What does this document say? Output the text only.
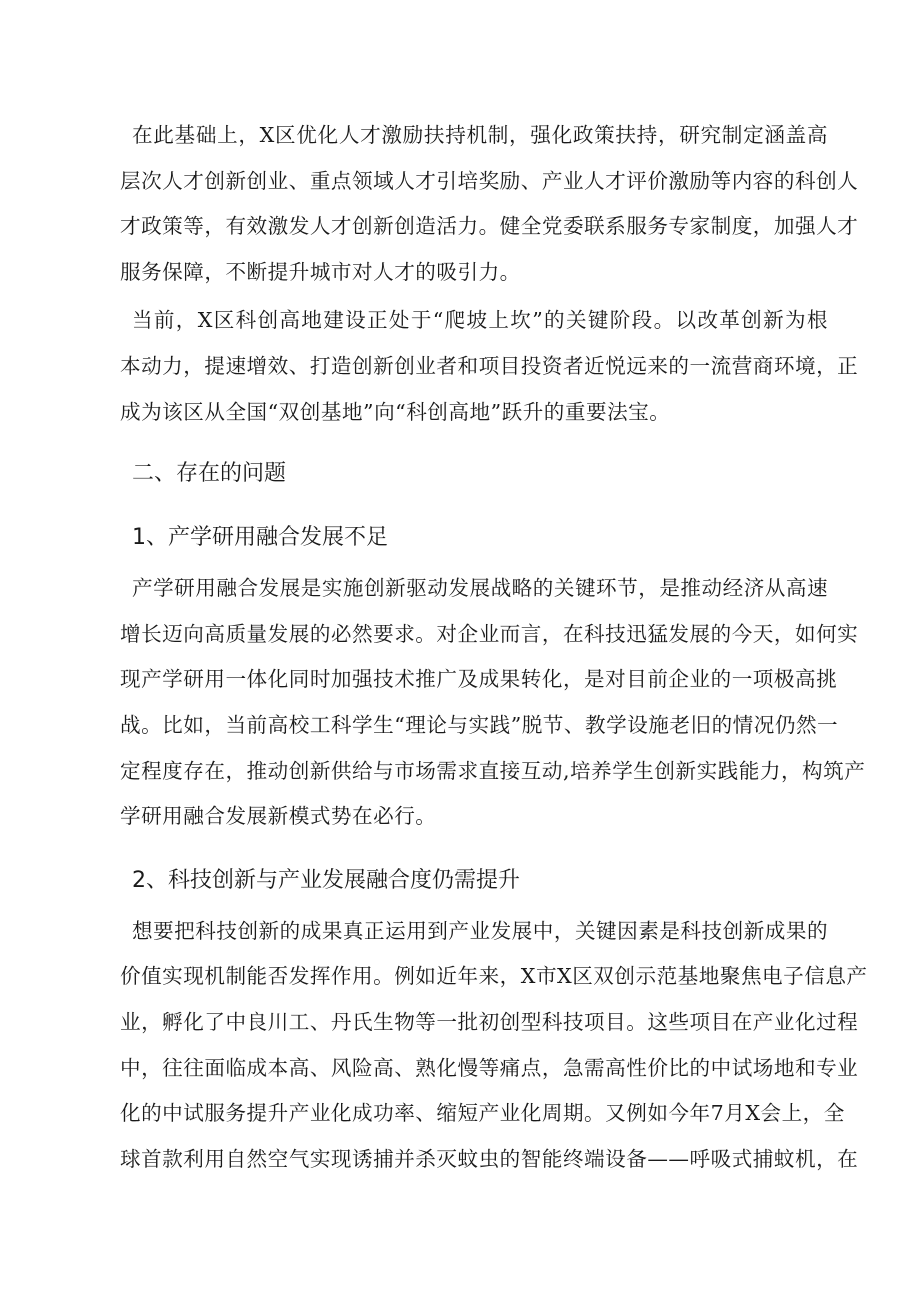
在此基础上，X区优化人才激励扶持机制，强化政策扶持，研究制定涵盖高

层次人才创新创业、重点领域人才引培奖励、产业人才评价激励等内容的科创人

才政策等，有效激发人才创新创造活力。健全党委联系服务专家制度，加强人才

服务保障，不断提升城市对人才的吸引力。

当前，X区科创高地建设正处于“爬坡上坎”的关键阶段。以改革创新为根

本动力，提速增效、打造创新创业者和项目投资者近悦远来的一流营商环境，正

成为该区从全国“双创基地”向“科创高地”跃升的重要法宝。

二、存在的问题
1、产学研用融合发展不足

产学研用融合发展是实施创新驱动发展战略的关键环节，是推动经济从高速

增长迈向高质量发展的必然要求。对企业而言，在科技迅猛发展的今天，如何实

现产学研用一体化同时加强技术推广及成果转化，是对目前企业的一项极高挑

战。比如，当前高校工科学生“理论与实践”脱节、教学设施老旧的情况仍然一

定程度存在，推动创新供给与市场需求直接互动,培养学生创新实践能力，构筑产

学研用融合发展新模式势在必行。

2、科技创新与产业发展融合度仍需提升

想要把科技创新的成果真正运用到产业发展中，关键因素是科技创新成果的

价值实现机制能否发挥作用。例如近年来，X市X区双创示范基地聚焦电子信息产

业，孵化了中良川工、丹氏生物等一批初创型科技项目。这些项目在产业化过程

中，往往面临成本高、风险高、熟化慢等痛点，急需高性价比的中试场地和专业

化的中试服务提升产业化成功率、缩短产业化周期。又例如今年7月X会上，全

球首款利用自然空气实现诱捕并杀灭蚊虫的智能终端设备——呼吸式捕蚊机，在
